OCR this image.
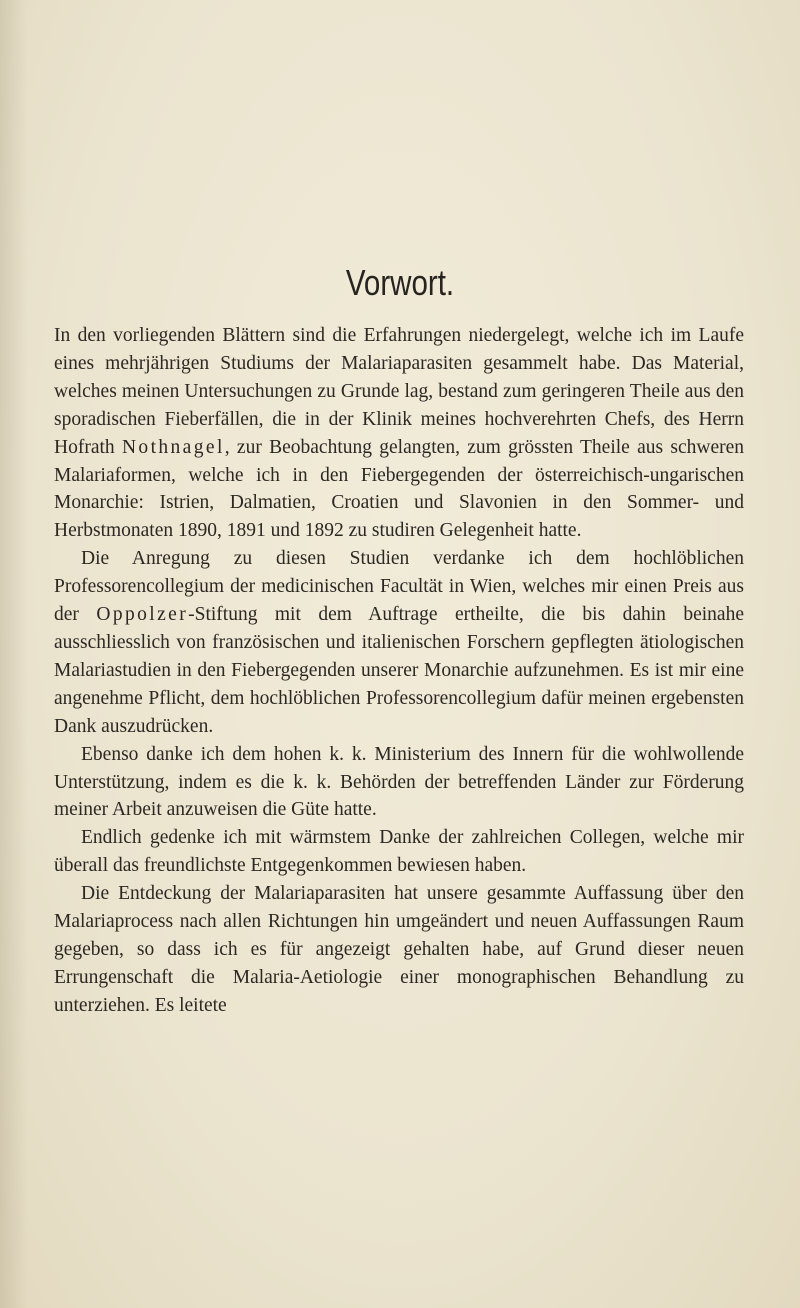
Vorwort.

In den vorliegenden Blättern sind die Erfahrungen niedergelegt, welche ich im Laufe eines mehrjährigen Studiums der Malariaparasiten gesammelt habe. Das Material, welches meinen Untersuchungen zu Grunde lag, bestand zum geringeren Theile aus den sporadischen Fieberfällen, die in der Klinik meines hochverehrten Chefs, des Herrn Hofrath Nothnagel, zur Beobachtung gelangten, zum grössten Theile aus schweren Malariaformen, welche ich in den Fiebergegenden der österreichisch-ungarischen Monarchie: Istrien, Dalmatien, Croatien und Slavonien in den Sommer- und Herbstmonaten 1890, 1891 und 1892 zu studiren Gelegenheit hatte.

Die Anregung zu diesen Studien verdanke ich dem hochlöblichen Professorencollegium der medicinischen Facultät in Wien, welches mir einen Preis aus der Oppolzer-Stiftung mit dem Auftrage ertheilte, die bis dahin beinahe ausschliesslich von französischen und italienischen Forschern gepflegten ätiologischen Malariastudien in den Fiebergegenden unserer Monarchie aufzunehmen. Es ist mir eine angenehme Pflicht, dem hochlöblichen Professorencollegium dafür meinen ergebensten Dank auszudrücken.

Ebenso danke ich dem hohen k. k. Ministerium des Innern für die wohlwollende Unterstützung, indem es die k. k. Behörden der betreffenden Länder zur Förderung meiner Arbeit anzuweisen die Güte hatte.

Endlich gedenke ich mit wärmstem Danke der zahlreichen Collegen, welche mir überall das freundlichste Entgegenkommen bewiesen haben.

Die Entdeckung der Malariaparasiten hat unsere gesammte Auffassung über den Malariaprocess nach allen Richtungen hin umgeändert und neuen Auffassungen Raum gegeben, so dass ich es für angezeigt gehalten habe, auf Grund dieser neuen Errungenschaft die Malaria-Aetiologie einer monographischen Behandlung zu unterziehen. Es leitete
